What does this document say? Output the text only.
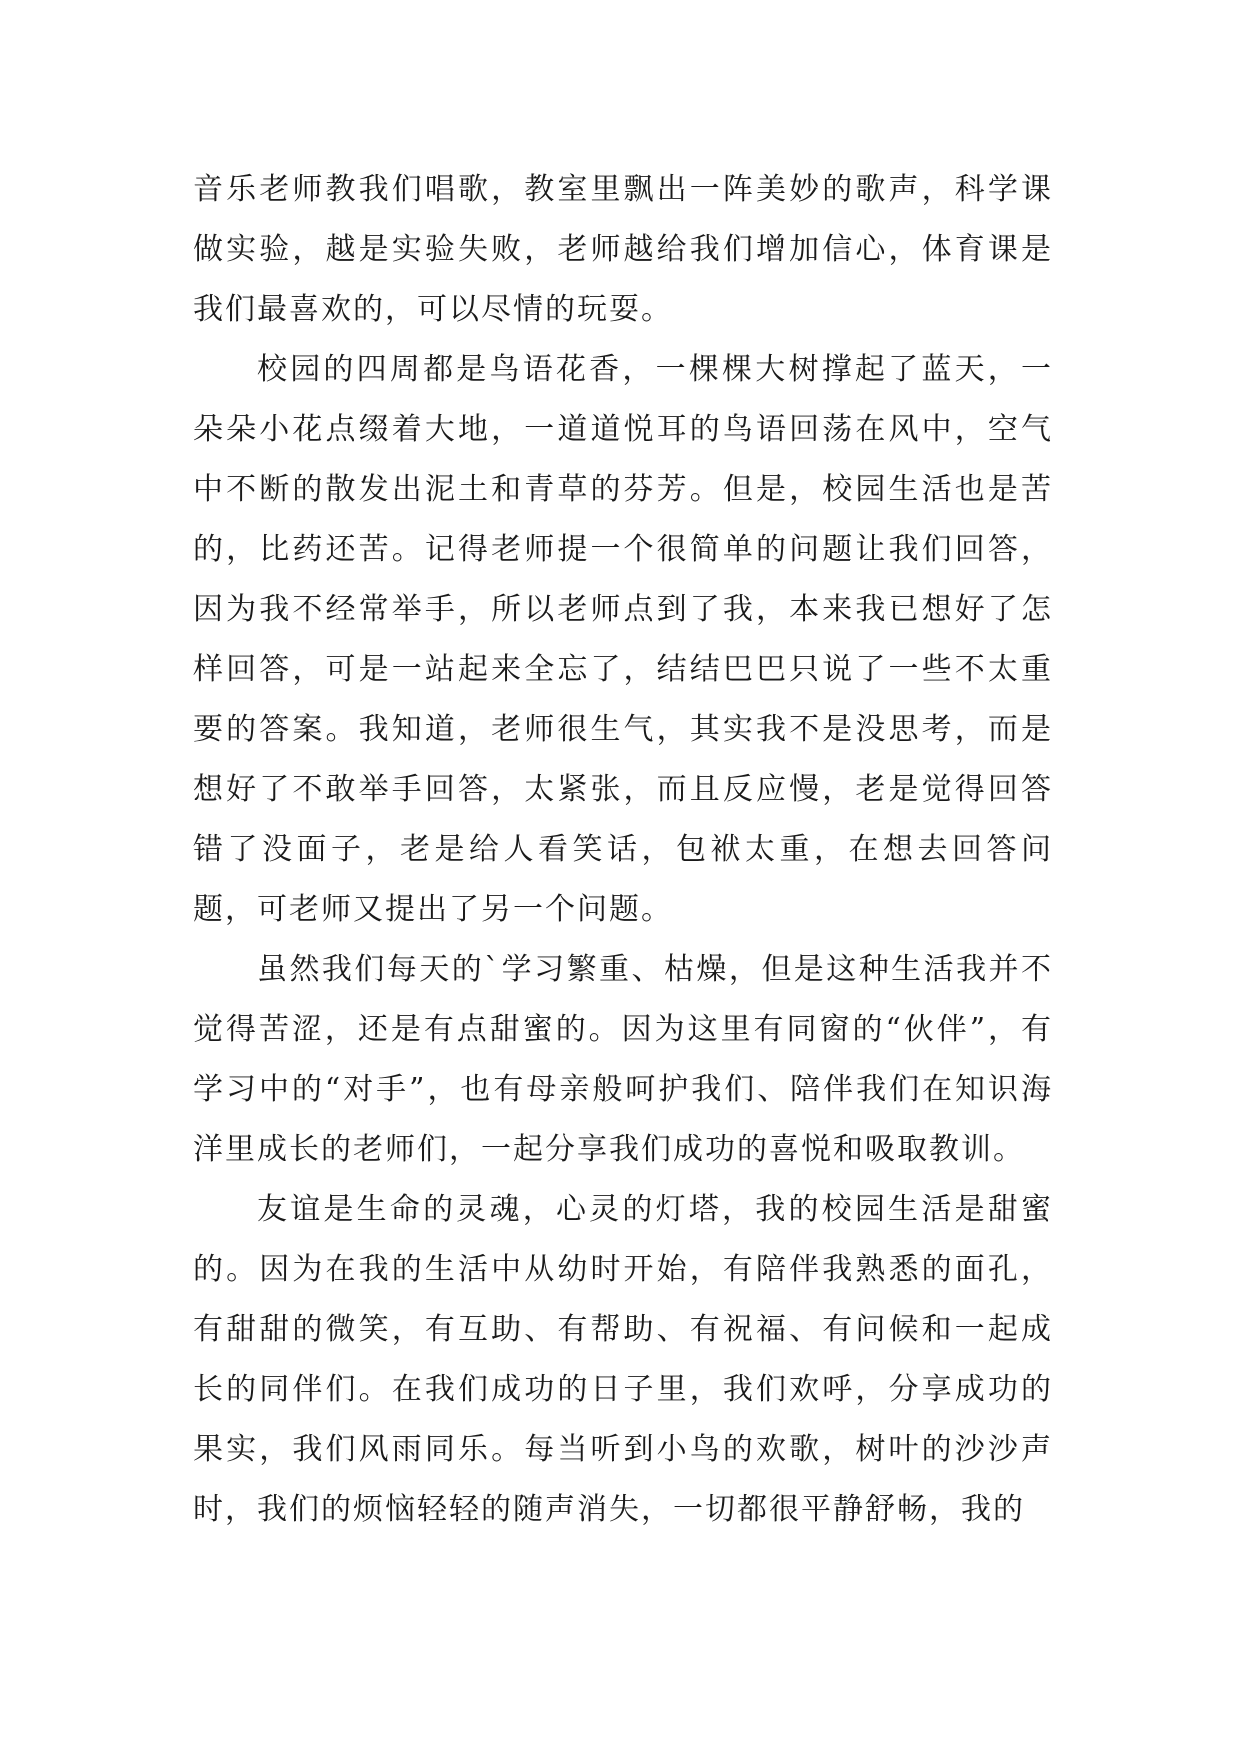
音乐老师教我们唱歌，教室里飘出一阵美妙的歌声，科学课做实验，越是实验失败，老师越给我们增加信心，体育课是我们最喜欢的，可以尽情的玩耍。

校园的四周都是鸟语花香，一棵棵大树撑起了蓝天，一朵朵小花点缀着大地，一道道悦耳的鸟语回荡在风中，空气中不断的散发出泥土和青草的芬芳。但是，校园生活也是苦的，比药还苦。记得老师提一个很简单的问题让我们回答，因为我不经常举手，所以老师点到了我，本来我已想好了怎样回答，可是一站起来全忘了，结结巴巴只说了一些不太重要的答案。我知道，老师很生气，其实我不是没思考，而是想好了不敢举手回答，太紧张，而且反应慢，老是觉得回答错了没面子，老是给人看笑话，包袱太重，在想去回答问题，可老师又提出了另一个问题。

虽然我们每天的`学习繁重、枯燥，但是这种生活我并不觉得苦涩，还是有点甜蜜的。因为这里有同窗的“伙伴”，有学习中的“对手”，也有母亲般呵护我们、陪伴我们在知识海洋里成长的老师们，一起分享我们成功的喜悦和吸取教训。

友谊是生命的灵魂，心灵的灯塔，我的校园生活是甜蜜的。因为在我的生活中从幼时开始，有陪伴我熟悉的面孔，有甜甜的微笑，有互助、有帮助、有祝福、有问候和一起成长的同伴们。在我们成功的日子里，我们欢呼，分享成功的果实，我们风雨同乐。每当听到小鸟的欢歌，树叶的沙沙声时，我们的烦恼轻轻的随声消失，一切都很平静舒畅，我的
